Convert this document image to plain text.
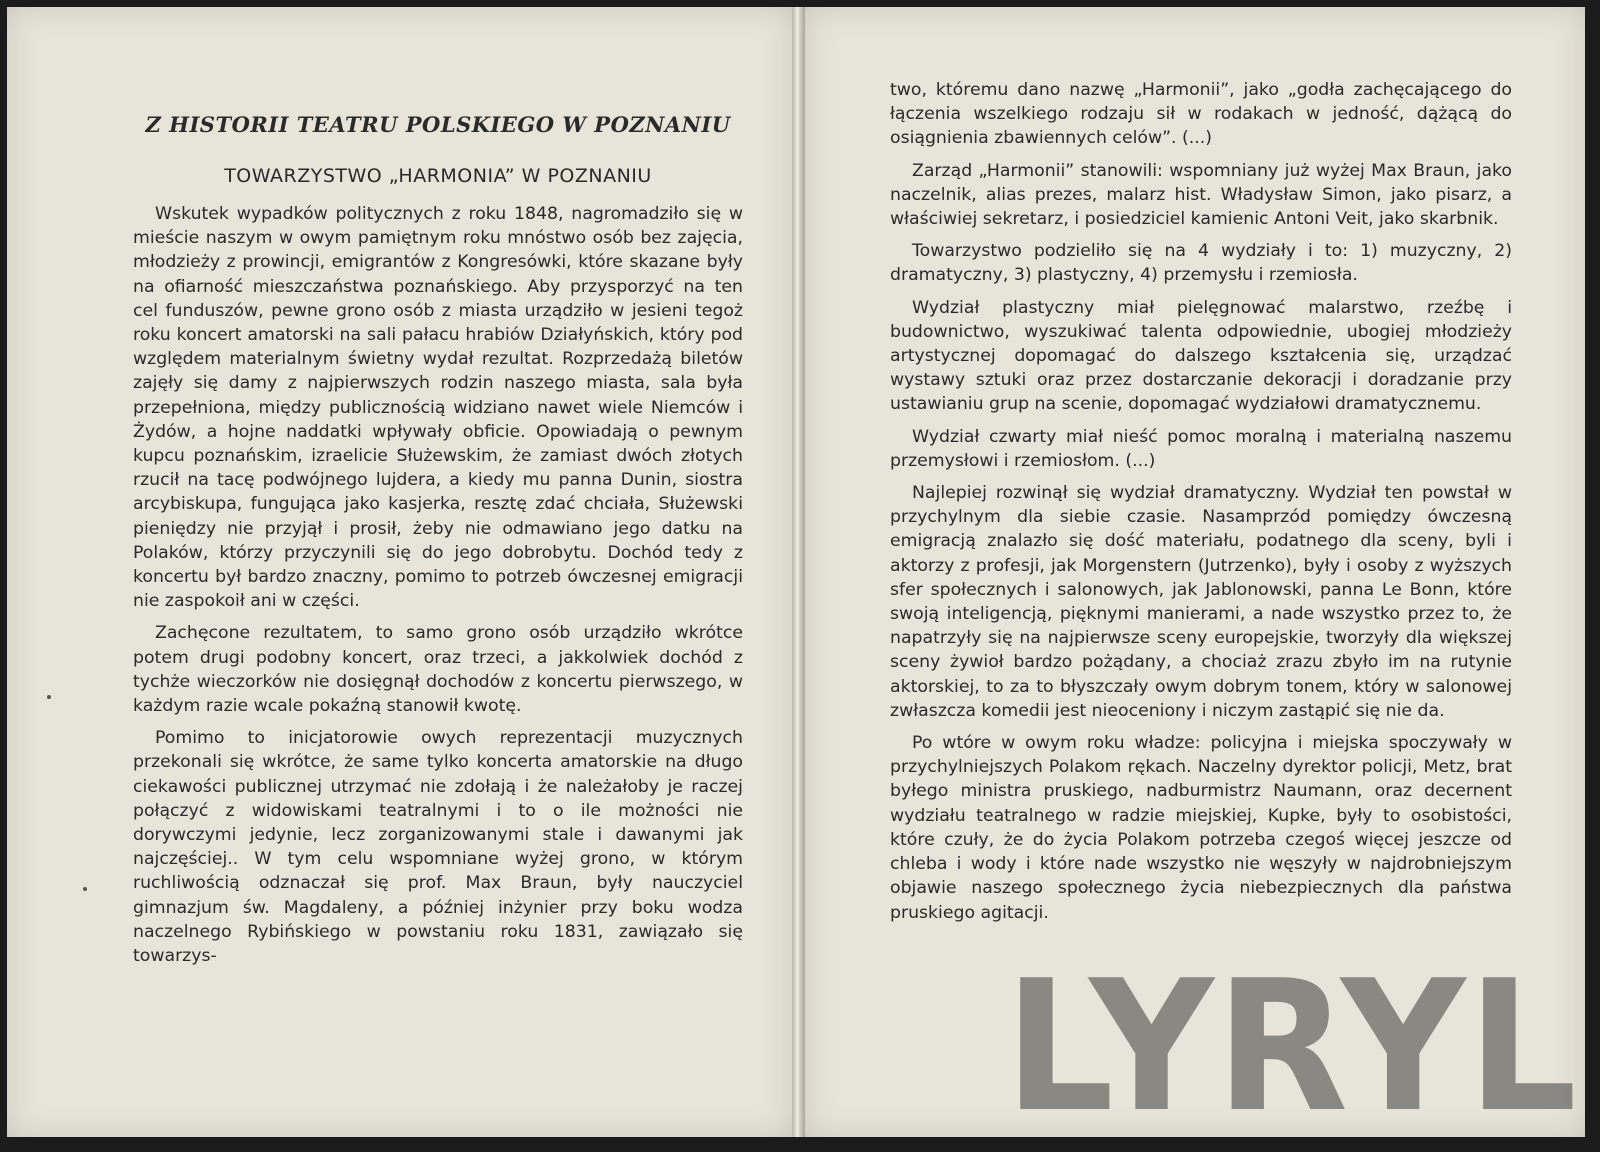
Z HISTORII TEATRU POLSKIEGO W POZNANIU
TOWARZYSTWO „HARMONIA” W POZNANIU

Wskutek wypadków politycznych z roku 1848, nagromadziło się w mieście naszym w owym pamiętnym roku mnóstwo osób bez zajęcia, młodzieży z prowincji, emigrantów z Kongresówki, które skazane były na ofiarność mieszczaństwa poznańskiego. Aby przysporzyć na ten cel funduszów, pewne grono osób z miasta urządziło w jesieni tegoż roku koncert amatorski na sali pałacu hrabiów Działyńskich, który pod względem materialnym świetny wydał rezultat. Rozprzedażą biletów zajęły się damy z najpierwszych rodzin naszego miasta, sala była przepełniona, między publicznością widziano nawet wiele Niemców i Żydów, a hojne naddatki wpływały obficie. Opowiadają o pewnym kupcu poznańskim, izraelicie Służewskim, że zamiast dwóch złotych rzucił na tacę podwójnego lujdera, a kiedy mu panna Dunin, siostra arcybiskupa, fungująca jako kasjerka, resztę zdać chciała, Służewski pieniędzy nie przyjął i prosił, żeby nie odmawiano jego datku na Polaków, którzy przyczynili się do jego dobrobytu. Dochód tedy z koncertu był bardzo znaczny, pomimo to potrzeb ówczesnej emigracji nie zaspokoił ani w części.

Zachęcone rezultatem, to samo grono osób urządziło wkrótce potem drugi podobny koncert, oraz trzeci, a jakkolwiek dochód z tychże wieczorków nie dosięgnął dochodów z koncertu pierwszego, w każdym razie wcale pokaźną stanowił kwotę.

Pomimo to inicjatorowie owych reprezentacji muzycznych przekonali się wkrótce, że same tylko koncerta amatorskie na długo ciekawości publicznej utrzymać nie zdołają i że należałoby je raczej połączyć z widowiskami teatralnymi i to o ile możności nie dorywczymi jedynie, lecz zorganizowanymi stale i dawanymi jak najczęściej.. W tym celu wspomniane wyżej grono, w którym ruchliwością odznaczał się prof. Max Braun, były nauczyciel gimnazjum św. Magdaleny, a później inżynier przy boku wodza naczelnego Rybińskiego w powstaniu roku 1831, zawiązało się towarzys-

two, któremu dano nazwę „Harmonii”, jako „godła zachęcającego do łączenia wszelkiego rodzaju sił w rodakach w jedność, dążącą do osiągnienia zbawiennych celów”. (...)

Zarząd „Harmonii” stanowili: wspomniany już wyżej Max Braun, jako naczelnik, alias prezes, malarz hist. Władysław Simon, jako pisarz, a właściwiej sekretarz, i posiedziciel kamienic Antoni Veit, jako skarbnik.

Towarzystwo podzieliło się na 4 wydziały i to: 1) muzyczny, 2) dramatyczny, 3) plastyczny, 4) przemysłu i rzemiosła.

Wydział plastyczny miał pielęgnować malarstwo, rzeźbę i budownictwo, wyszukiwać talenta odpowiednie, ubogiej młodzieży artystycznej dopomagać do dalszego kształcenia się, urządzać wystawy sztuki oraz przez dostarczanie dekoracji i doradzanie przy ustawianiu grup na scenie, dopomagać wydziałowi dramatycznemu.

Wydział czwarty miał nieść pomoc moralną i materialną naszemu przemysłowi i rzemiosłom. (...)

Najlepiej rozwinął się wydział dramatyczny. Wydział ten powstał w przychylnym dla siebie czasie. Nasamprzód pomiędzy ówczesną emigracją znalazło się dość materiału, podatnego dla sceny, byli i aktorzy z profesji, jak Morgenstern (Jutrzenko), były i osoby z wyższych sfer społecznych i salonowych, jak Jablonowski, panna Le Bonn, które swoją inteligencją, pięknymi manierami, a nade wszystko przez to, że napatrzyły się na najpierwsze sceny europejskie, tworzyły dla większej sceny żywioł bardzo pożądany, a chociaż zrazu zbyło im na rutynie aktorskiej, to za to błyszczały owym dobrym tonem, który w salonowej zwłaszcza komedii jest nieoceniony i niczym zastąpić się nie da.

Po wtóre w owym roku władze: policyjna i miejska spoczywały w przychylniejszych Polakom rękach. Naczelny dyrektor policji, Metz, brat byłego ministra pruskiego, nadburmistrz Naumann, oraz decernent wydziału teatralnego w radzie miejskiej, Kupke, były to osobistości, które czuły, że do życia Polakom potrzeba czegoś więcej jeszcze od chleba i wody i które nade wszystko nie węszyły w najdrobniejszym objawie naszego społecznego życia niebezpiecznych dla państwa pruskiego agitacji.

LYRYL
